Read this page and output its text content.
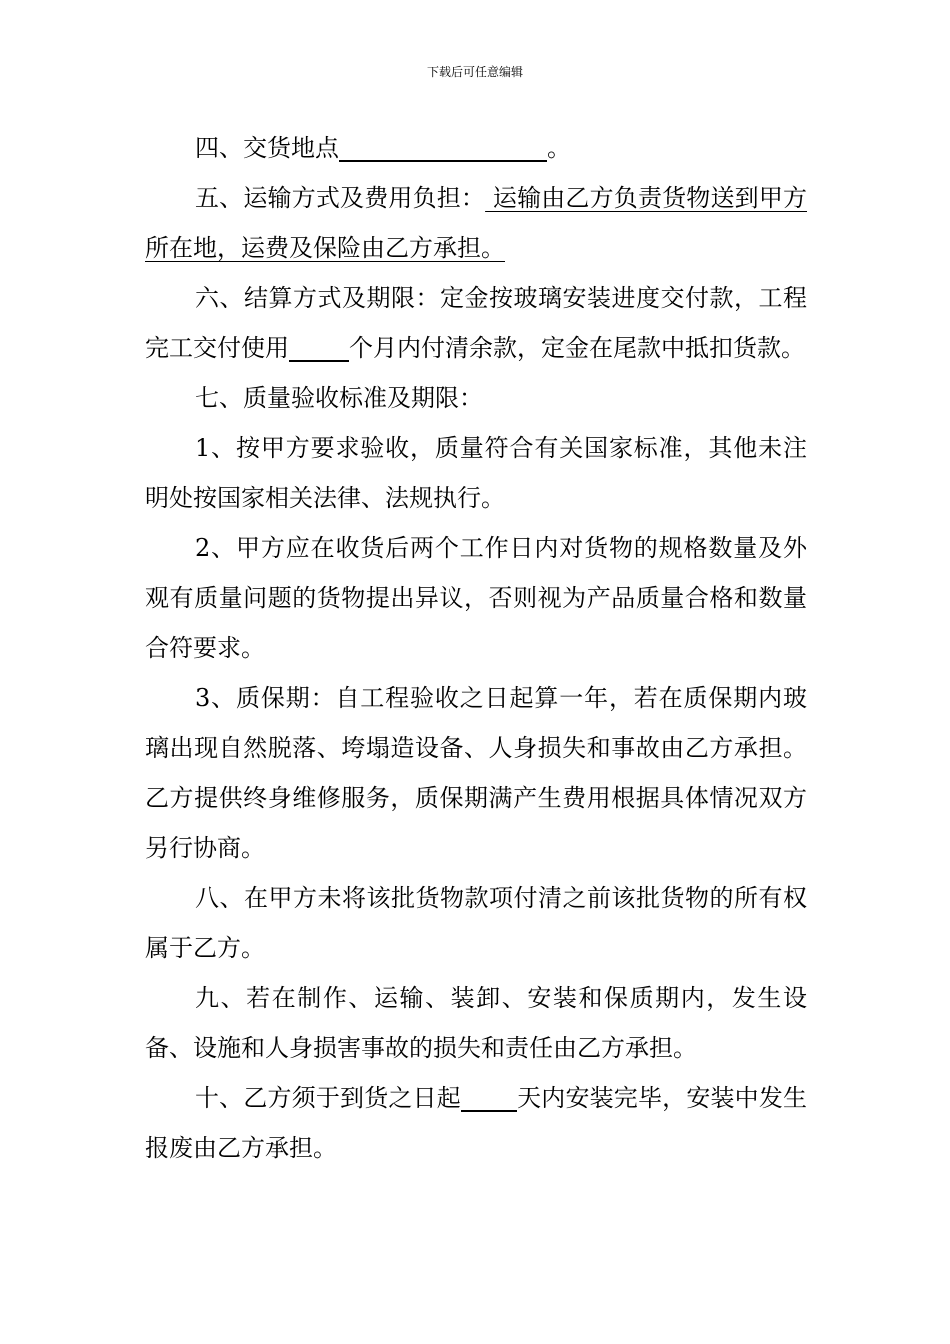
下载后可任意编辑

四、交货地点	。

五、运输方式及费用负担： 运输由乙方负责货物送到甲方所在地，运费及保险由乙方承担。

六、结算方式及期限：定金按玻璃安装进度交付款，工程完工交付使用	个月内付清余款，定金在尾款中抵扣货款。

七、质量验收标准及期限：

1、按甲方要求验收，质量符合有关国家标准，其他未注明处按国家相关法律、法规执行。

2、甲方应在收货后两个工作日内对货物的规格数量及外观有质量问题的货物提出异议，否则视为产品质量合格和数量合符要求。

3、质保期：自工程验收之日起算一年，若在质保期内玻璃出现自然脱落、垮塌造设备、人身损失和事故由乙方承担。乙方提供终身维修服务，质保期满产生费用根据具体情况双方另行协商。

八、在甲方未将该批货物款项付清之前该批货物的所有权属于乙方。

九、若在制作、运输、装卸、安装和保质期内，发生设备、设施和人身损害事故的损失和责任由乙方承担。

十、乙方须于到货之日起 天内安装完毕，安装中发生报废由乙方承担。
